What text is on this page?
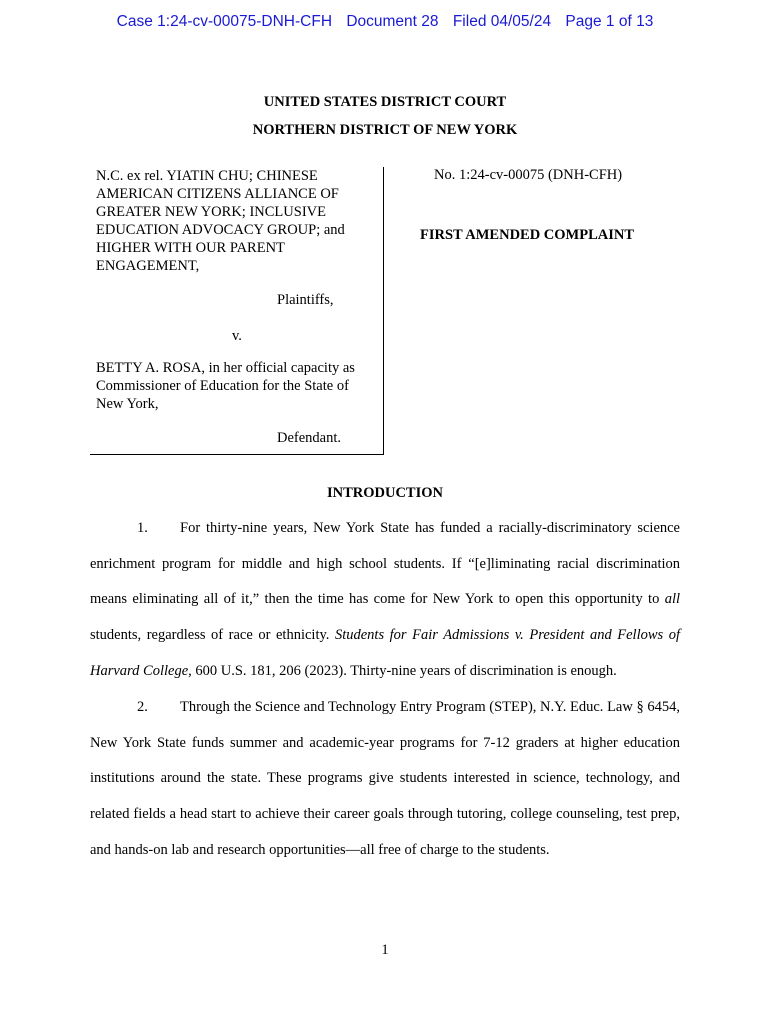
Case 1:24-cv-00075-DNH-CFH Document 28 Filed 04/05/24 Page 1 of 13
UNITED STATES DISTRICT COURT
NORTHERN DISTRICT OF NEW YORK
N.C. ex rel. YIATIN CHU; CHINESE AMERICAN CITIZENS ALLIANCE OF GREATER NEW YORK; INCLUSIVE EDUCATION ADVOCACY GROUP; and HIGHER WITH OUR PARENT ENGAGEMENT,
Plaintiffs,
v.
BETTY A. ROSA, in her official capacity as Commissioner of Education for the State of New York,
Defendant.
No. 1:24-cv-00075 (DNH-CFH)
FIRST AMENDED COMPLAINT
INTRODUCTION
1. For thirty-nine years, New York State has funded a racially-discriminatory science enrichment program for middle and high school students. If “[e]liminating racial discrimination means eliminating all of it,” then the time has come for New York to open this opportunity to all students, regardless of race or ethnicity. Students for Fair Admissions v. President and Fellows of Harvard College, 600 U.S. 181, 206 (2023). Thirty-nine years of discrimination is enough.
2. Through the Science and Technology Entry Program (STEP), N.Y. Educ. Law § 6454, New York State funds summer and academic-year programs for 7-12 graders at higher education institutions around the state. These programs give students interested in science, technology, and related fields a head start to achieve their career goals through tutoring, college counseling, test prep, and hands-on lab and research opportunities—all free of charge to the students.
1
